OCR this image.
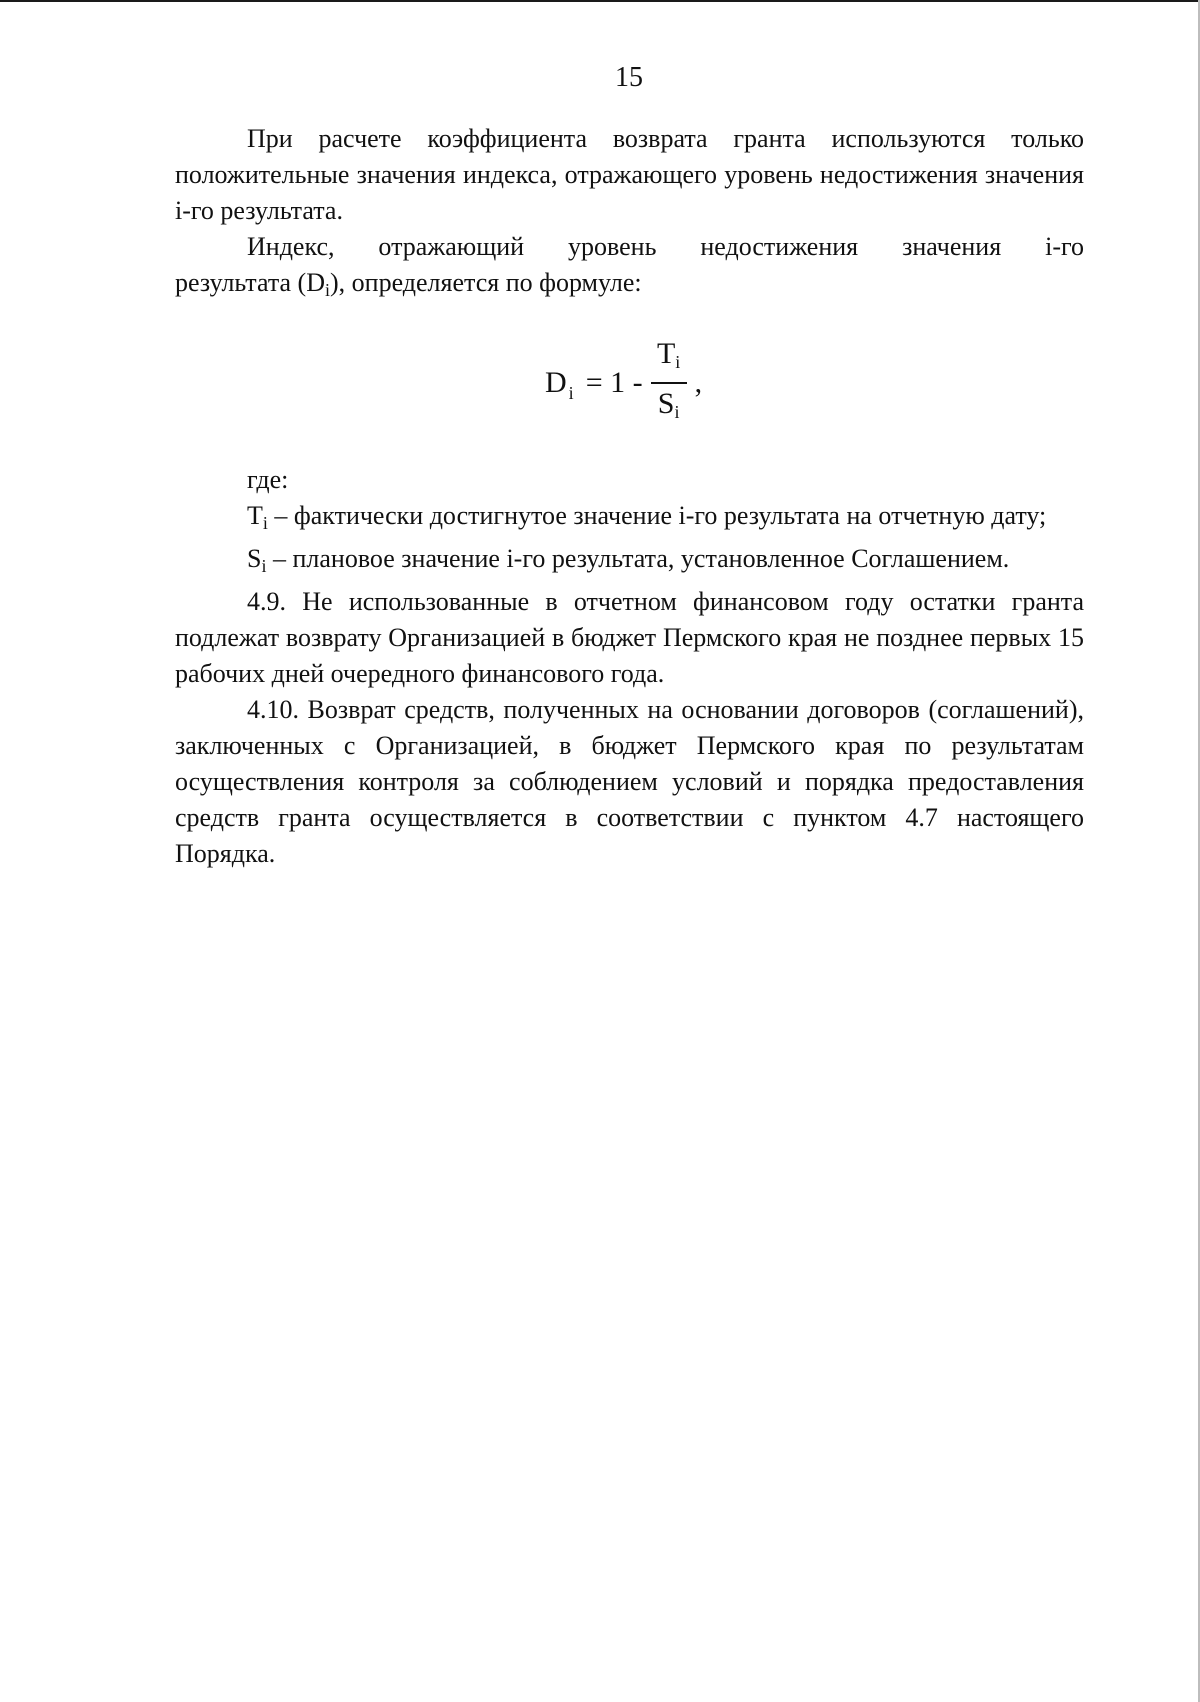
15

При расчете коэффициента возврата гранта используются только положительные значения индекса, отражающего уровень недостижения значения i-го результата.

Индекс, отражающий уровень недостижения значения i-го

результата (Di), определяется по формуле:

где:

Ti – фактически достигнутое значение i-го результата на отчетную дату;

Si – плановое значение i-го результата, установленное Соглашением.

4.9. Не использованные в отчетном финансовом году остатки гранта подлежат возврату Организацией в бюджет Пермского края не позднее первых 15 рабочих дней очередного финансового года.

4.10. Возврат средств, полученных на основании договоров (соглашений), заключенных с Организацией, в бюджет Пермского края по результатам осуществления контроля за соблюдением условий и порядка предоставления средств гранта осуществляется в соответствии с пунктом 4.7 настоящего Порядка.

D $i = 1 - \frac{Ti}{Si}$ ,
